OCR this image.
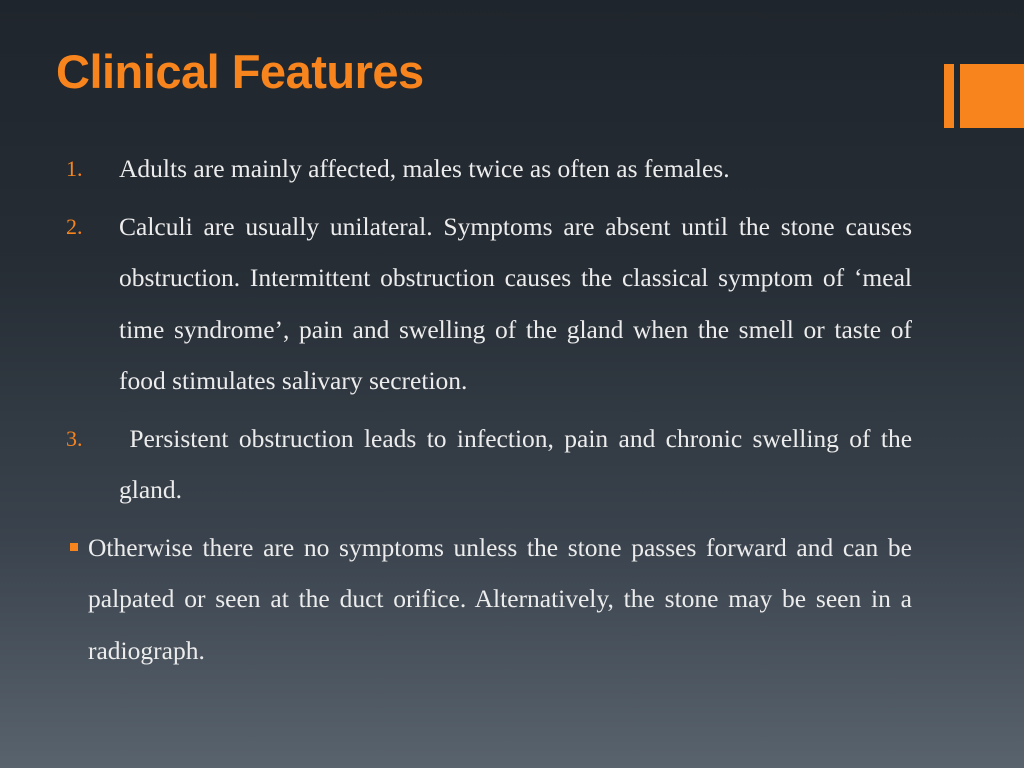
Clinical Features
1.	Adults are mainly affected, males twice as often as females.
2.	Calculi are usually unilateral. Symptoms are absent until the stone causes obstruction. Intermittent obstruction causes the classical symptom of ‘meal time syndrome’, pain and swelling of the gland when the smell or taste of food stimulates salivary secretion.
3.	Persistent obstruction leads to infection, pain and chronic swelling of the gland.
Otherwise there are no symptoms unless the stone passes forward and can be palpated or seen at the duct orifice. Alternatively, the stone may be seen in a radiograph.
